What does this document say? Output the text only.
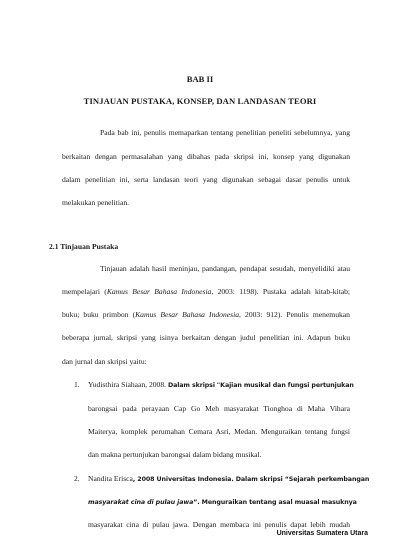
BAB II

TINJAUAN PUSTAKA, KONSEP, DAN LANDASAN TEORI

Pada bab ini, penulis memaparkan tentang penelitian peneliti sebelumnya, yang

berkaitan dengan permasalahan yang dibahas pada skripsi ini, konsep yang digunakan

dalam penelitian ini, serta landasan teori yang digunakan sebagai dasar penulis untuk

melakukan penelitian.

2.1 Tinjauan Pustaka

Tinjauan adalah hasil meninjau, pandangan, pendapat sesudah, menyelidiki atau

mempelajari (Kamus Besar Bahasa Indonesia, 2003: 1198). Pustaka adalah kitab-kitab;

buku; buku primbon (Kamus Besar Bahasa Indonesia, 2003: 912). Penulis menemukan

beberapa jurnal, skripsi yang isinya berkaitan dengan judul penelitian ini. Adapun buku

dan jurnal dan skripsi yaitu:

1. Yudisthira Siahaan, 2008. Dalam skripsi “Kajian musikal dan fungsi pertunjukan

barongsai pada perayaan Cap Go Meh masyarakat Tionghoa di Maha Vihara

Maiterya, komplek perumahan Cemara Asri, Medan. Menguraikan tentang fungsi

dan makna pertunjukan barongsai dalam bidang musikal.

2. Nandita Erisca, 2008 Universitas Indonesia. Dalam skripsi “Sejarah perkembangan

masyarakat cina di pulau jawa”. Menguraikan tentang asal muasal masuknya

masyarakat cina di pulau jawa. Dengan membaca ini penulis dapat lebih mudah

Universitas Sumatera Utara
